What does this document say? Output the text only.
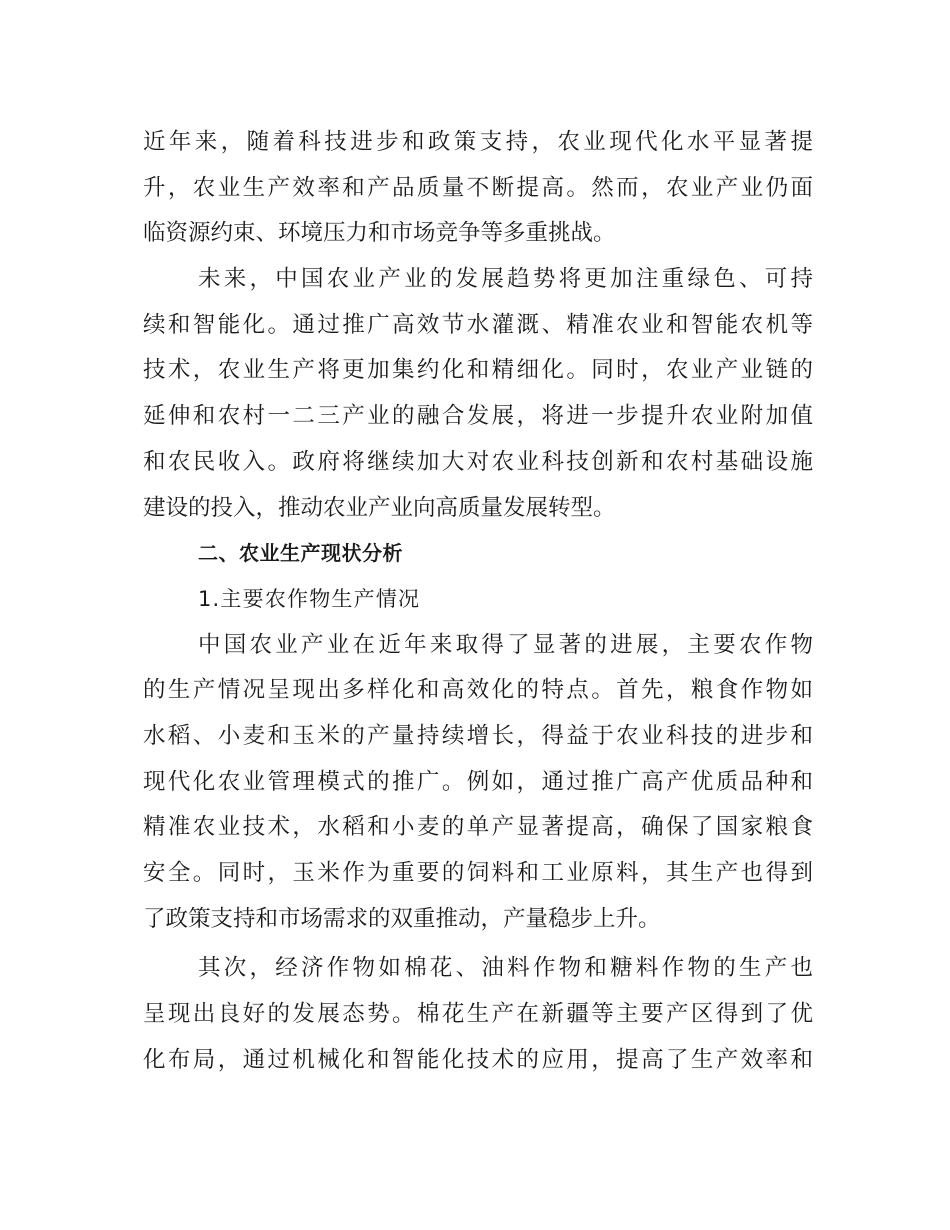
近年来，随着科技进步和政策支持，农业现代化水平显著提
升，农业生产效率和产品质量不断提高。然而，农业产业仍面
临资源约束、环境压力和市场竞争等多重挑战。
未来，中国农业产业的发展趋势将更加注重绿色、可持
续和智能化。通过推广高效节水灌溉、精准农业和智能农机等
技术，农业生产将更加集约化和精细化。同时，农业产业链的
延伸和农村一二三产业的融合发展，将进一步提升农业附加值
和农民收入。政府将继续加大对农业科技创新和农村基础设施
建设的投入，推动农业产业向高质量发展转型。
二、农业生产现状分析
1.主要农作物生产情况
中国农业产业在近年来取得了显著的进展，主要农作物
的生产情况呈现出多样化和高效化的特点。首先，粮食作物如
水稻、小麦和玉米的产量持续增长，得益于农业科技的进步和
现代化农业管理模式的推广。例如，通过推广高产优质品种和
精准农业技术，水稻和小麦的单产显著提高，确保了国家粮食
安全。同时，玉米作为重要的饲料和工业原料，其生产也得到
了政策支持和市场需求的双重推动，产量稳步上升。
其次，经济作物如棉花、油料作物和糖料作物的生产也
呈现出良好的发展态势。棉花生产在新疆等主要产区得到了优
化布局，通过机械化和智能化技术的应用，提高了生产效率和
